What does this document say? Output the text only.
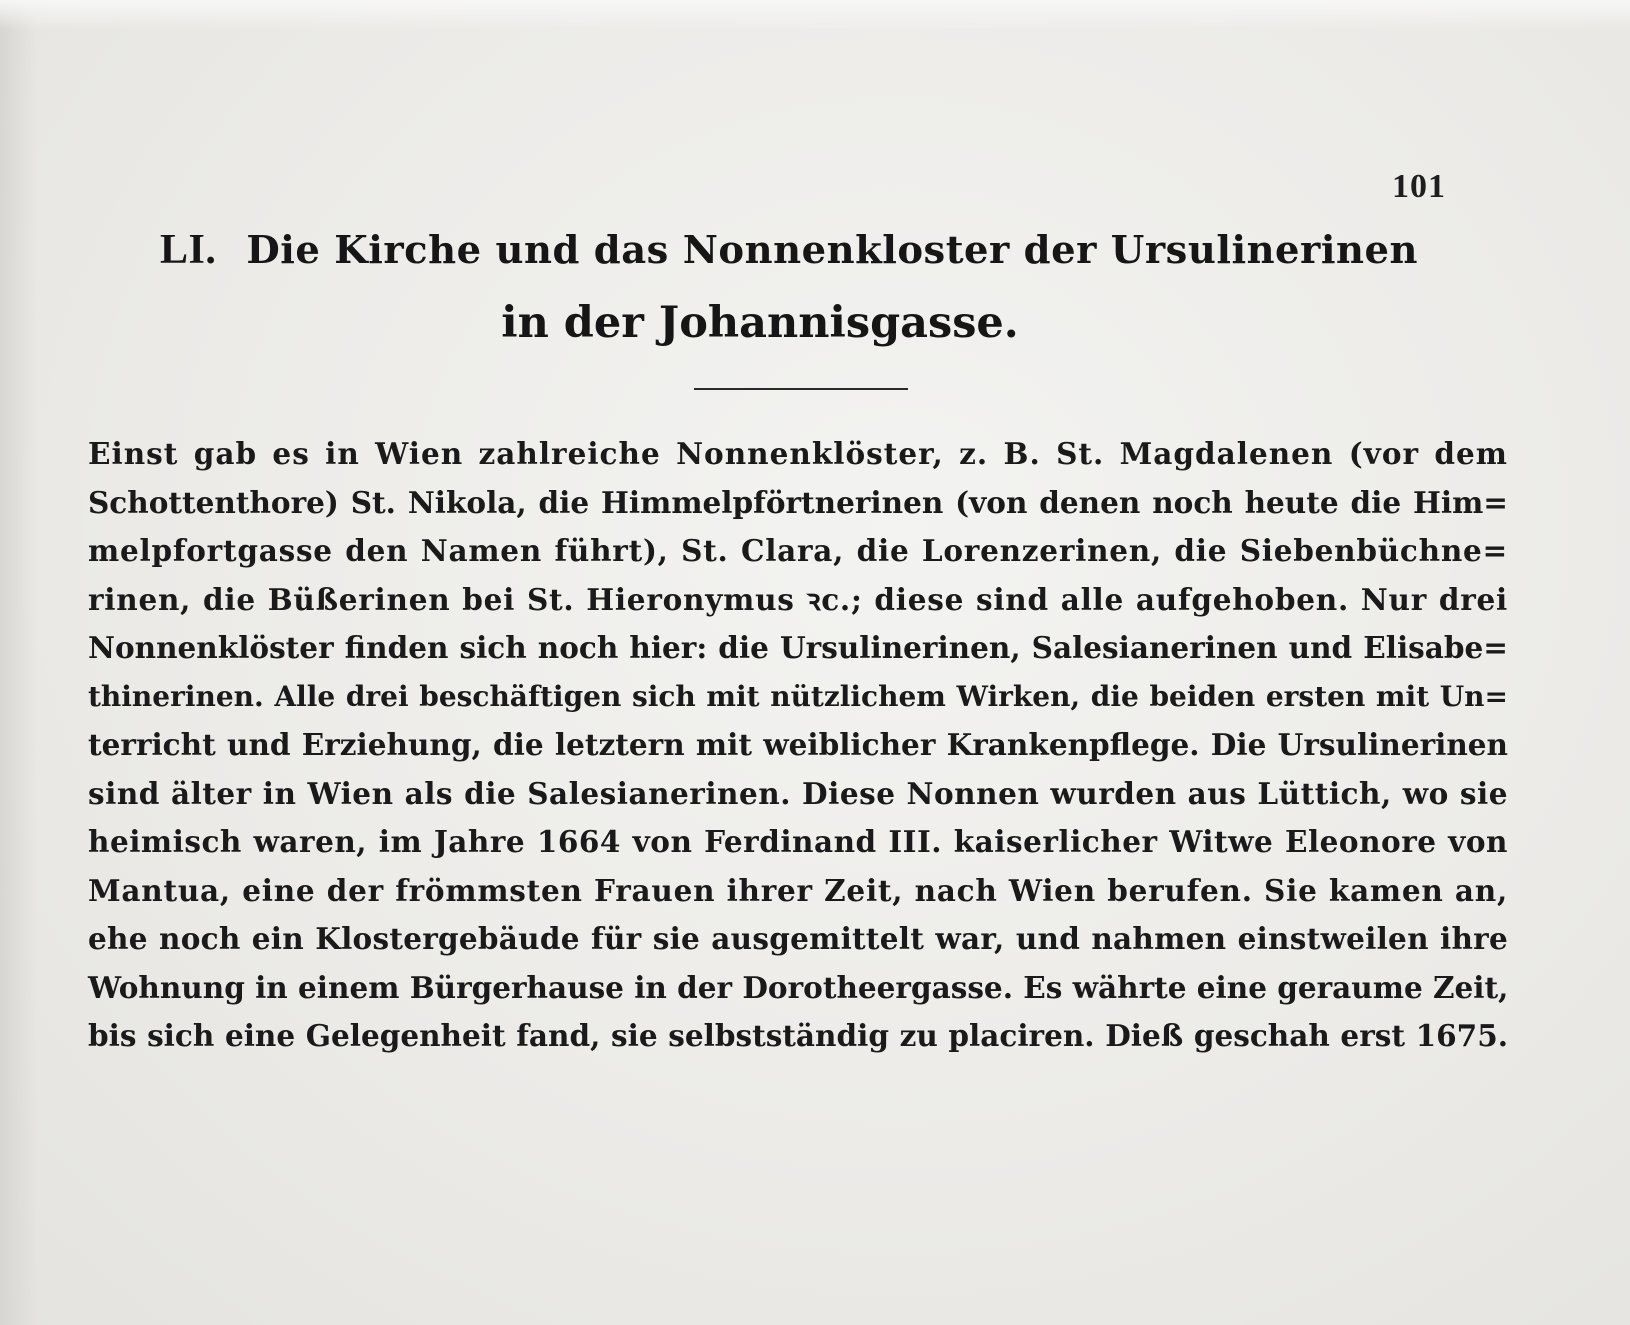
101
LI. Die Kirche und das Nonnenkloster der Ursulinerinen
in der Johannisgasse.
Einst gab es in Wien zahlreiche Nonnenklöster, z. B. St. Magdalenen (vor dem
Schottenthore) St. Nikola, die Himmelpförtnerinen (von denen noch heute die Him=
melpfortgasse den Namen führt), St. Clara, die Lorenzerinen, die Siebenbüchne=
rinen, die Büßerinen bei St. Hieronymus ꝛc.; diese sind alle aufgehoben. Nur drei
Nonnenklöster finden sich noch hier: die Ursulinerinen, Salesianerinen und Elisabe=
thinerinen. Alle drei beschäftigen sich mit nützlichem Wirken, die beiden ersten mit Un=
terricht und Erziehung, die letztern mit weiblicher Krankenpflege. Die Ursulinerinen
sind älter in Wien als die Salesianerinen. Diese Nonnen wurden aus Lüttich, wo sie
heimisch waren, im Jahre 1664 von Ferdinand III. kaiserlicher Witwe Eleonore von
Mantua, eine der frömmsten Frauen ihrer Zeit, nach Wien berufen. Sie kamen an,
ehe noch ein Klostergebäude für sie ausgemittelt war, und nahmen einstweilen ihre
Wohnung in einem Bürgerhause in der Dorotheergasse. Es währte eine geraume Zeit,
bis sich eine Gelegenheit fand, sie selbstständig zu placiren. Dieß geschah erst 1675.
